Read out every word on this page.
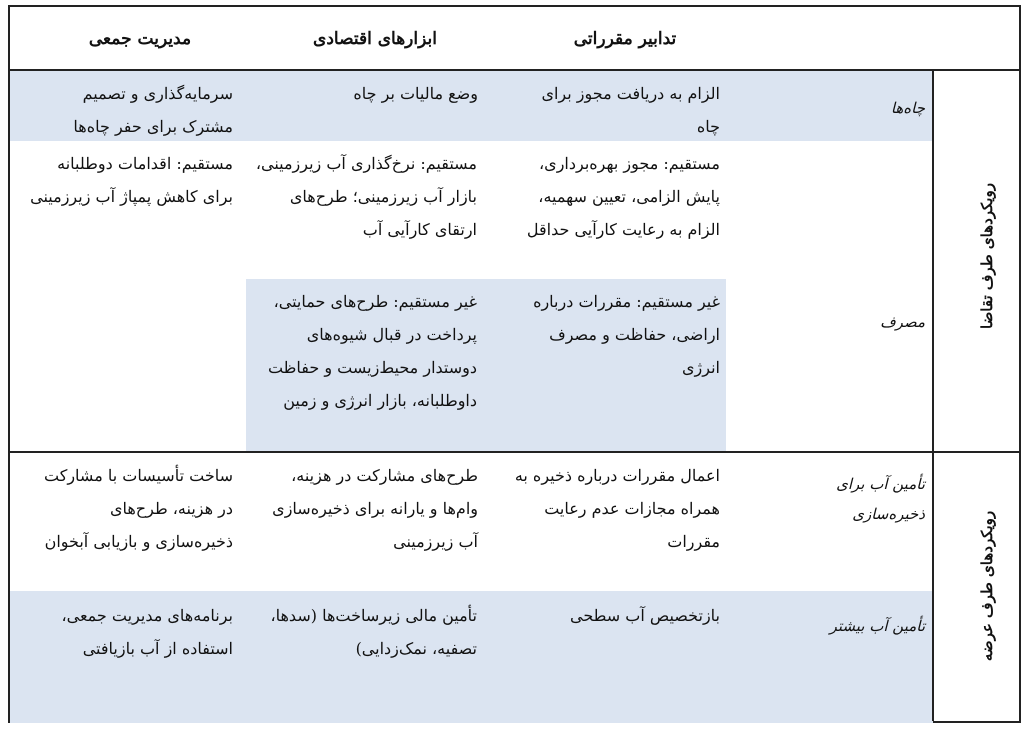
تدابیر مقرراتی
ابزارهای اقتصادی
مدیریت جمعی
رویکردهای طرف تقاضا
رویکردهای طرف عرضه
چاه‌ها
مصرف
تأمین آب برای ذخیره‌سازی
تأمین آب بیشتر
الزام به دریافت مجوز برای چاه
وضع مالیات بر چاه
سرمایه‌گذاری و تصمیم مشترک برای حفر چاه‌ها
مستقیم: مجوز بهره‌برداری، پایش الزامی، تعیین سهمیه، الزام به رعایت کارآیی حداقل
مستقیم: نرخ‌گذاری آب زیرزمینی، بازار آب زیرزمینی؛ طرح‌های ارتقای کارآیی آب
مستقیم: اقدامات دوطلبانه برای کاهش پمپاژ آب زیرزمینی
غیر مستقیم: مقررات درباره اراضی، حفاظت و مصرف انرژی
غیر مستقیم: طرح‌های حمایتی، پرداخت در قبال شیوه‌های دوستدار محیط‌زیست و حفاظت داوطلبانه، بازار انرژی و زمین
اعمال مقررات درباره ذخیره به همراه مجازات عدم رعایت مقررات
طرح‌های مشارکت در هزینه، وام‌ها و یارانه برای ذخیره‌سازی آب زیرزمینی
ساخت تأسیسات با مشارکت در هزینه، طرح‌های ذخیره‌سازی و بازیابی آبخوان
بازتخصیص آب سطحی
تأمین مالی زیرساخت‌ها (سدها، تصفیه، نمک‌زدایی)
برنامه‌های مدیریت جمعی، استفاده از آب بازیافتی
